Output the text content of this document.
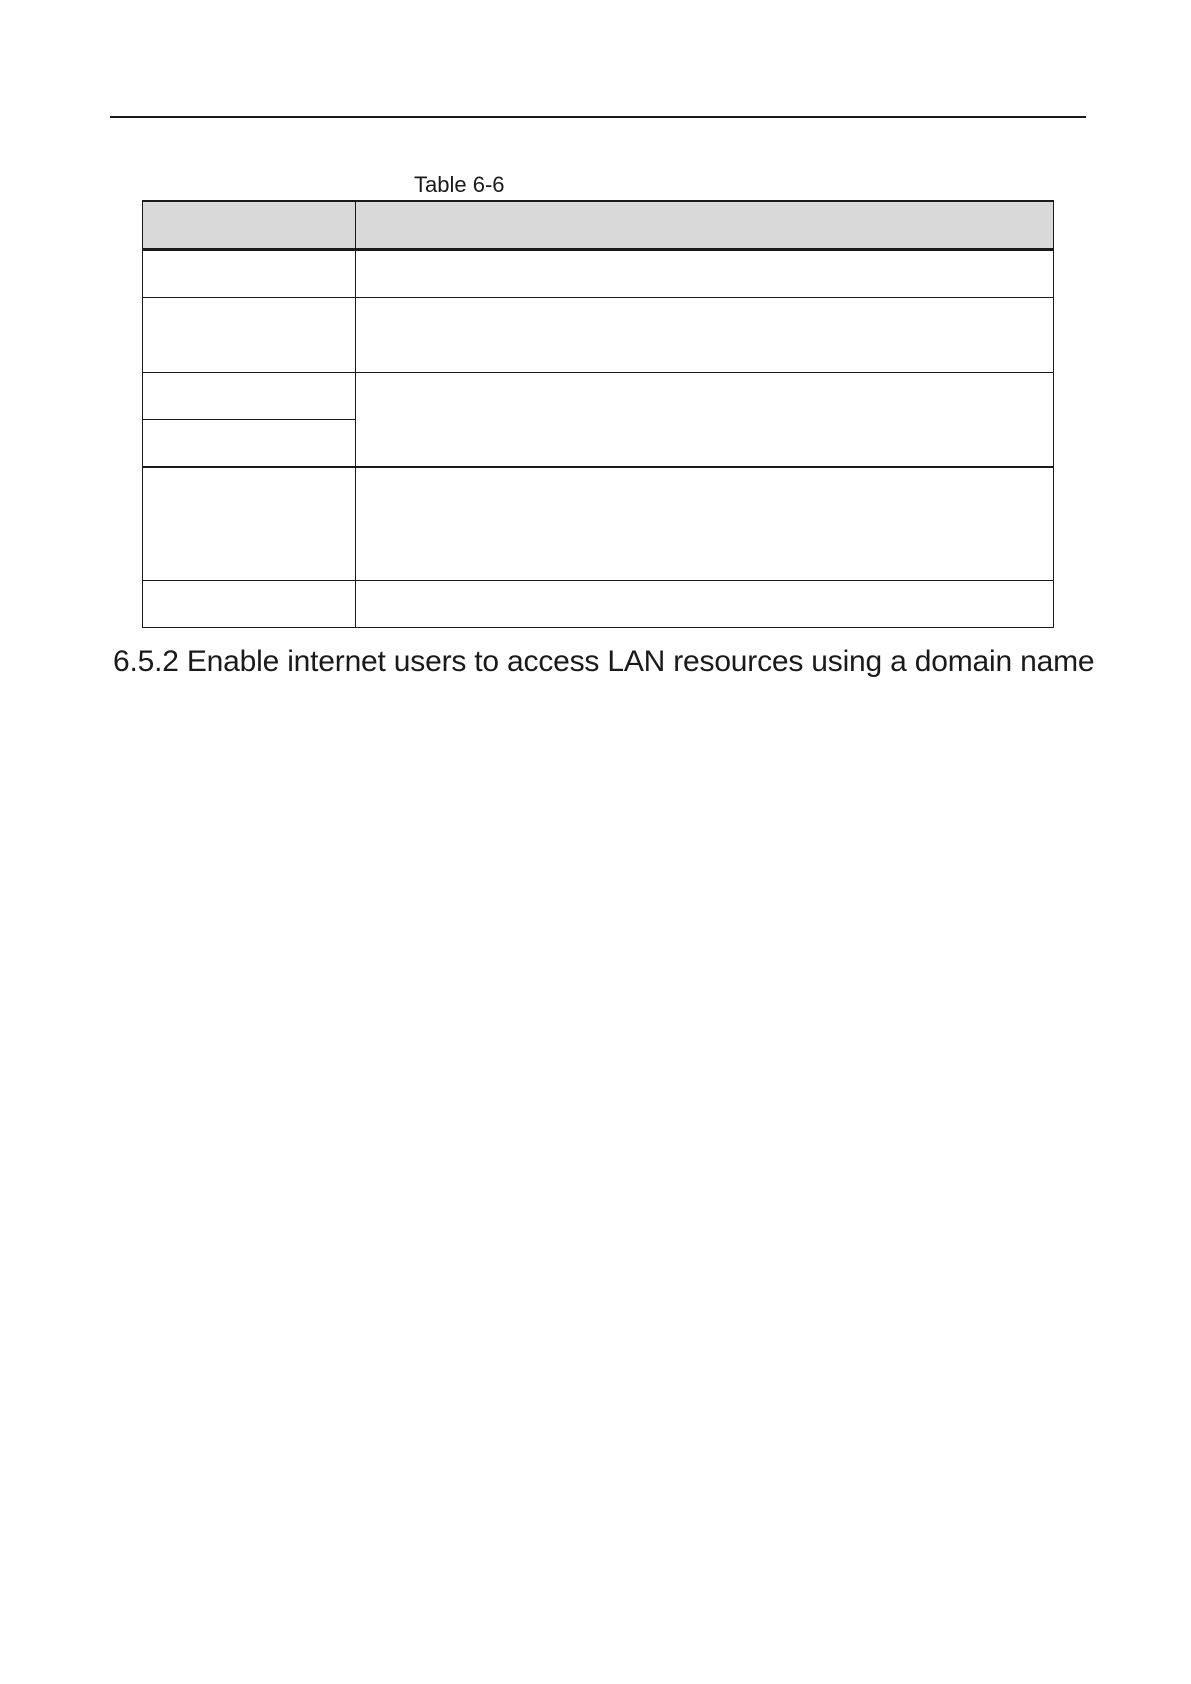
Table 6-6

6.5.2 Enable internet users to access LAN resources using a domain name
